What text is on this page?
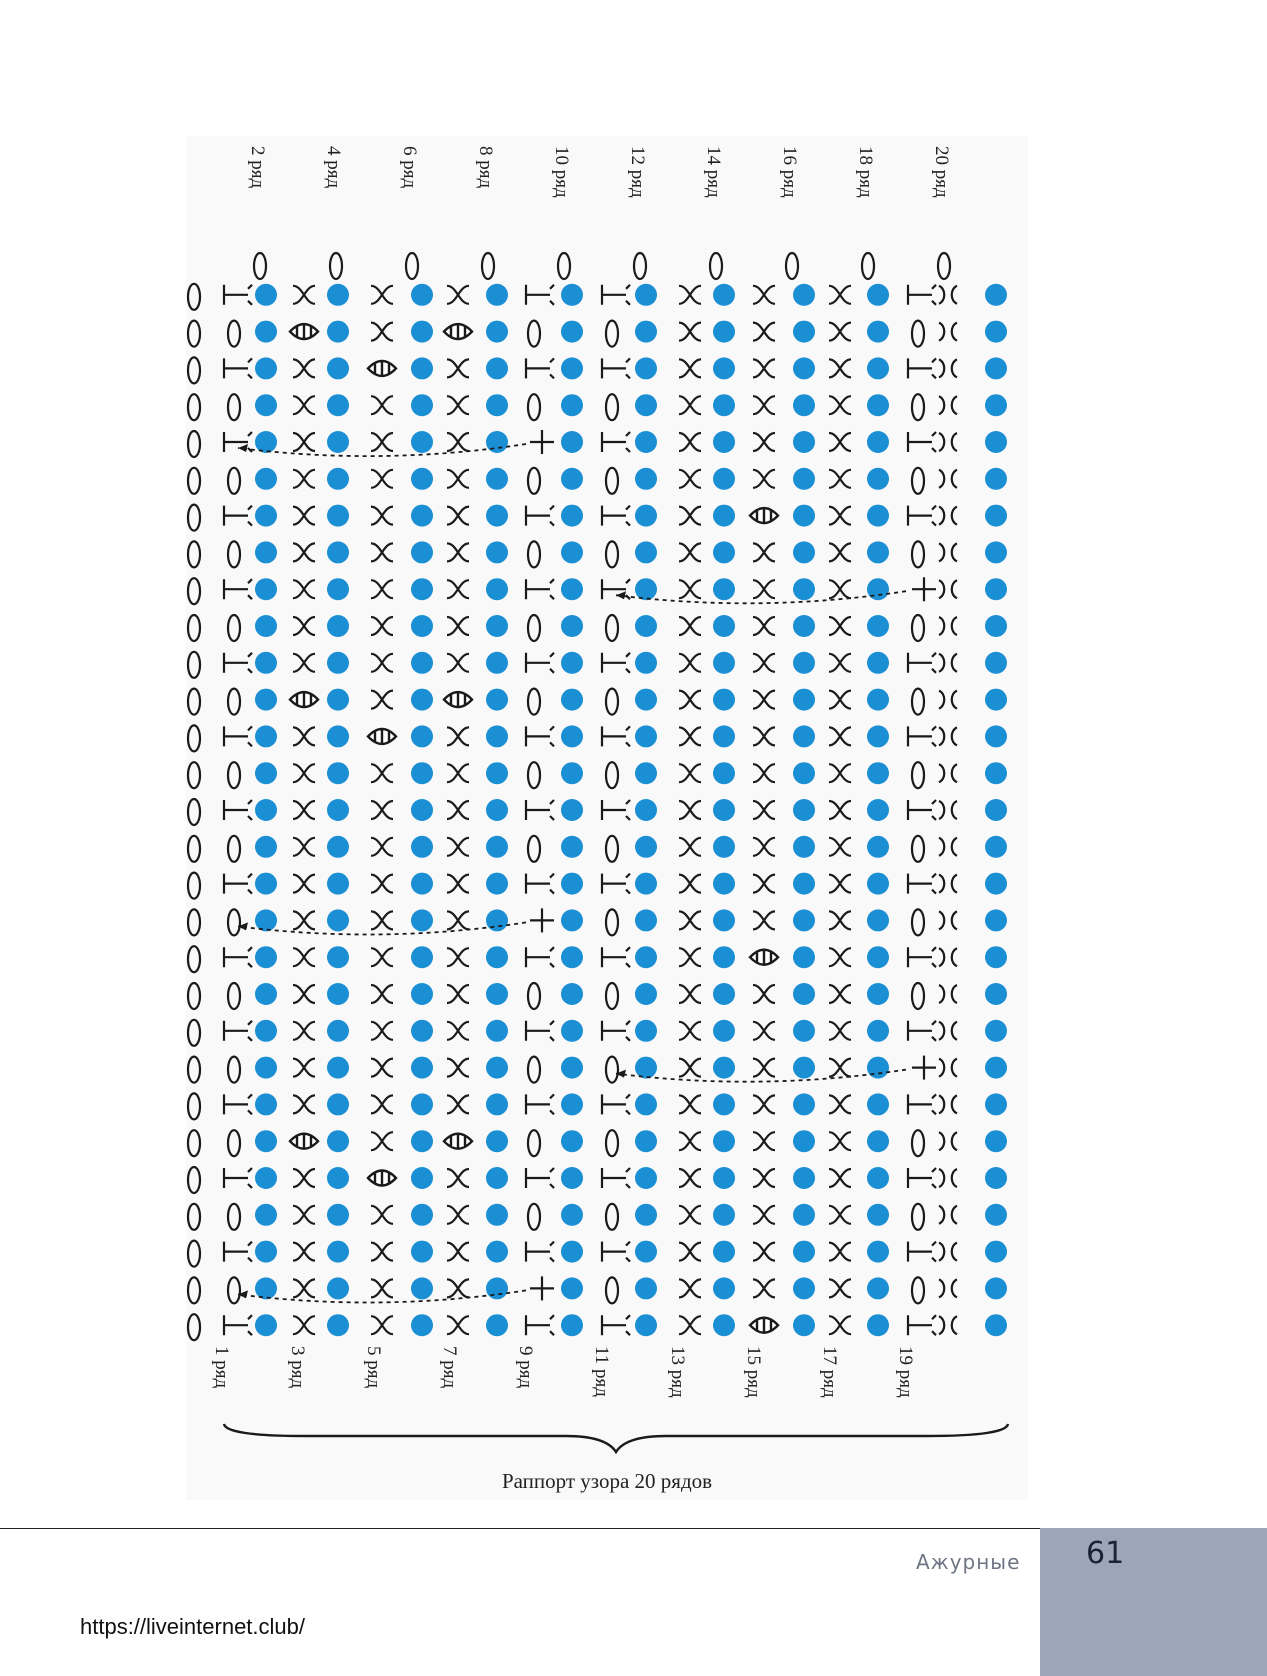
2 ряд	4 ряд	6 ряд	8 ряд	10 ряд	12 ряд	14 ряд	16 ряд	18 ряд	20 ряд
1 ряд	3 ряд	5 ряд	7 ряд	9 ряд	11 ряд	13 ряд	15 ряд	17 ряд	19 ряд
Раппорт узора 20 рядов
Ажурные 61
https://liveinternet.club/
